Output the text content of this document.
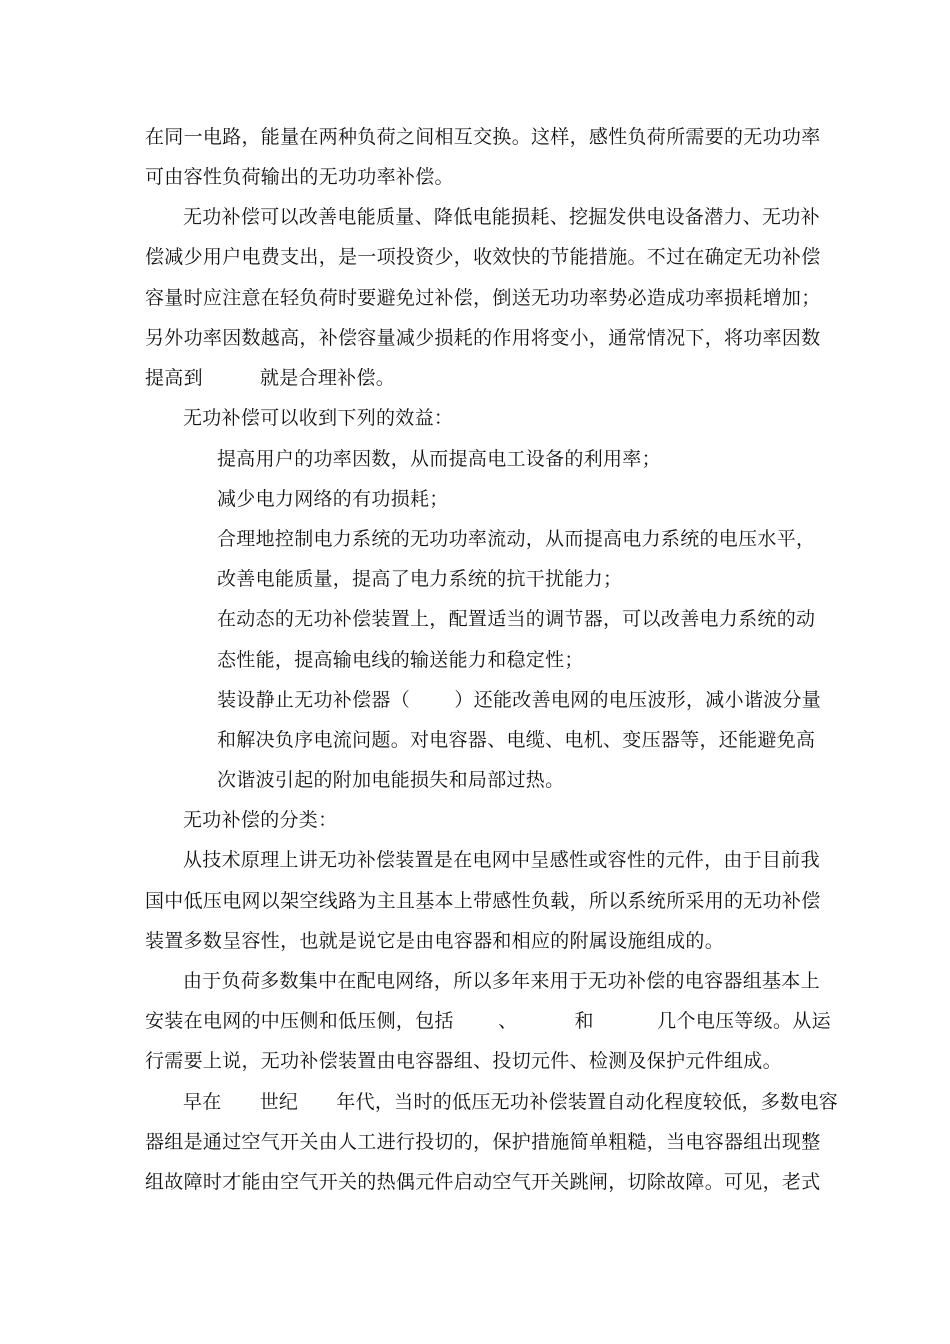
在同一电路，能量在两种负荷之间相互交换。这样，感性负荷所需要的无功功率
可由容性负荷输出的无功功率补偿。
无功补偿可以改善电能质量、降低电能损耗、挖掘发供电设备潜力、无功补
偿减少用户电费支出，是一项投资少，收效快的节能措施。不过在确定无功补偿
容量时应注意在轻负荷时要避免过补偿，倒送无功功率势必造成功率损耗增加；
另外功率因数越高，补偿容量减少损耗的作用将变小，通常情况下，将功率因数
提高到         就是合理补偿。
无功补偿可以收到下列的效益：
提高用户的功率因数，从而提高电工设备的利用率；
减少电力网络的有功损耗；
合理地控制电力系统的无功功率流动，从而提高电力系统的电压水平，
改善电能质量，提高了电力系统的抗干扰能力；
在动态的无功补偿装置上，配置适当的调节器，可以改善电力系统的动
态性能，提高输电线的输送能力和稳定性；
装设静止无功补偿器（       ）还能改善电网的电压波形，减小谐波分量
和解决负序电流问题。对电容器、电缆、电机、变压器等，还能避免高
次谐波引起的附加电能损失和局部过热。
无功补偿的分类：
从技术原理上讲无功补偿装置是在电网中呈感性或容性的元件，由于目前我
国中低压电网以架空线路为主且基本上带感性负载，所以系统所采用的无功补偿
装置多数呈容性，也就是说它是由电容器和相应的附属设施组成的。
由于负荷多数集中在配电网络，所以多年来用于无功补偿的电容器组基本上
安装在电网的中压侧和低压侧，包括       、         和          几个电压等级。从运
行需要上说，无功补偿装置由电容器组、投切元件、检测及保护元件组成。
早在      世纪      年代，当时的低压无功补偿装置自动化程度较低，多数电容
器组是通过空气开关由人工进行投切的，保护措施简单粗糙，当电容器组出现整
组故障时才能由空气开关的热偶元件启动空气开关跳闸，切除故障。可见，老式
